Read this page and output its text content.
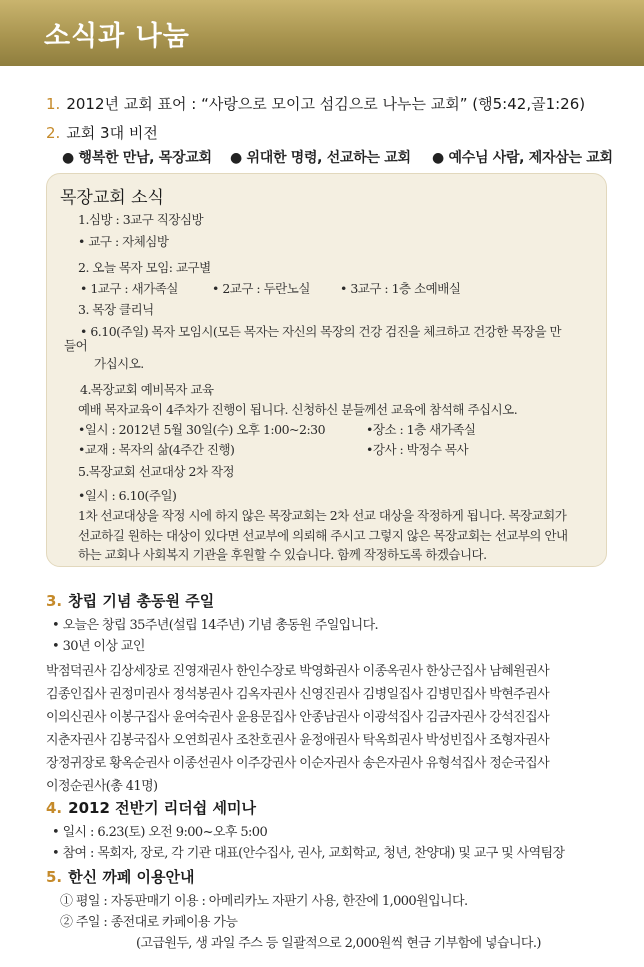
소식과 나눔
1. 2012년 교회 표어 : “사랑으로 모이고 섬김으로 나누는 교회” (행5:42,골1:26)
2. 교회 3대 비전
● 행복한 만남, 목장교회 ● 위대한 명령, 선교하는 교회 ● 예수님 사람, 제자삼는 교회
목장교회 소식
1.심방 : 3교구 직장심방
• 교구 : 자체심방
2. 오늘 목자 모임: 교구별
• 1교구 : 새가족실	• 2교구 : 두란노실 • 3교구 : 1층 소예배실
3. 목장 클리닉
• 6.10(주일) 목자 모임시(모든 목자는 자신의 목장의 건강 검진을 체크하고 건강한 목장을 만
들어
가십시오.
4.목장교회 예비목자 교육
예배 목자교육이 4주차가 진행이 됩니다. 신청하신 분들께선 교육에 참석해 주십시오.
•일시 : 2012년 5월 30일(수) 오후 1:00~2:30	•장소 : 1층 새가족실
•교재 : 목자의 삶(4주간 진행)	•강사 : 박정수 목사
5.목장교회 선교대상 2차 작정
•일시 : 6.10(주일)
1차 선교대상을 작정 시에 하지 않은 목장교회는 2차 선교 대상을 작정하게 됩니다. 목장교회가
선교하길 원하는 대상이 있다면 선교부에 의뢰해 주시고 그렇지 않은 목장교회는 선교부의 안내
하는 교회나 사회복지 기관을 후원할 수 있습니다. 함께 작정하도록 하겠습니다.
3. 창립 기념 총동원 주일
• 오늘은 창립 35주년(설립 14주년) 기념 총동원 주일입니다.
• 30년 이상 교인
박점덕권사 김상세장로 진영재권사 한인수장로 박영화권사 이종옥권사 한상근집사 남혜원권사
김종인집사 권정미권사 정석봉권사 김옥자권사 신영진권사 김병일집사 김병민집사 박현주권사
이의신권사 이봉구집사 윤여숙권사 윤용문집사 안종남권사 이광석집사 김금자권사 강석진집사
지춘자권사 김봉국집사 오연희권사 조찬호권사 윤정애권사 탁옥희권사 박성빈집사 조형자권사
장정귀장로 황옥순권사 이종선권사 이주강권사 이순자권사 송은자권사 유형석집사 정순국집사
이정순권사(총 41명)
4. 2012 전반기 리더쉽 세미나
• 일시 : 6.23(토) 오전 9:00~오후 5:00
• 참여 : 목회자, 장로, 각 기관 대표(안수집사, 권사, 교회학교, 청년, 찬양대) 및 교구 및 사역팀장
5. 한신 까페 이용안내
① 평일 : 자동판매기 이용 : 아메리카노 자판기 사용, 한잔에 1,000원입니다.
② 주일 : 종전대로 카페이용 가능
(고급원두, 생 과일 주스 등 일괄적으로 2,000원씩 현금 기부함에 넣습니다.)
